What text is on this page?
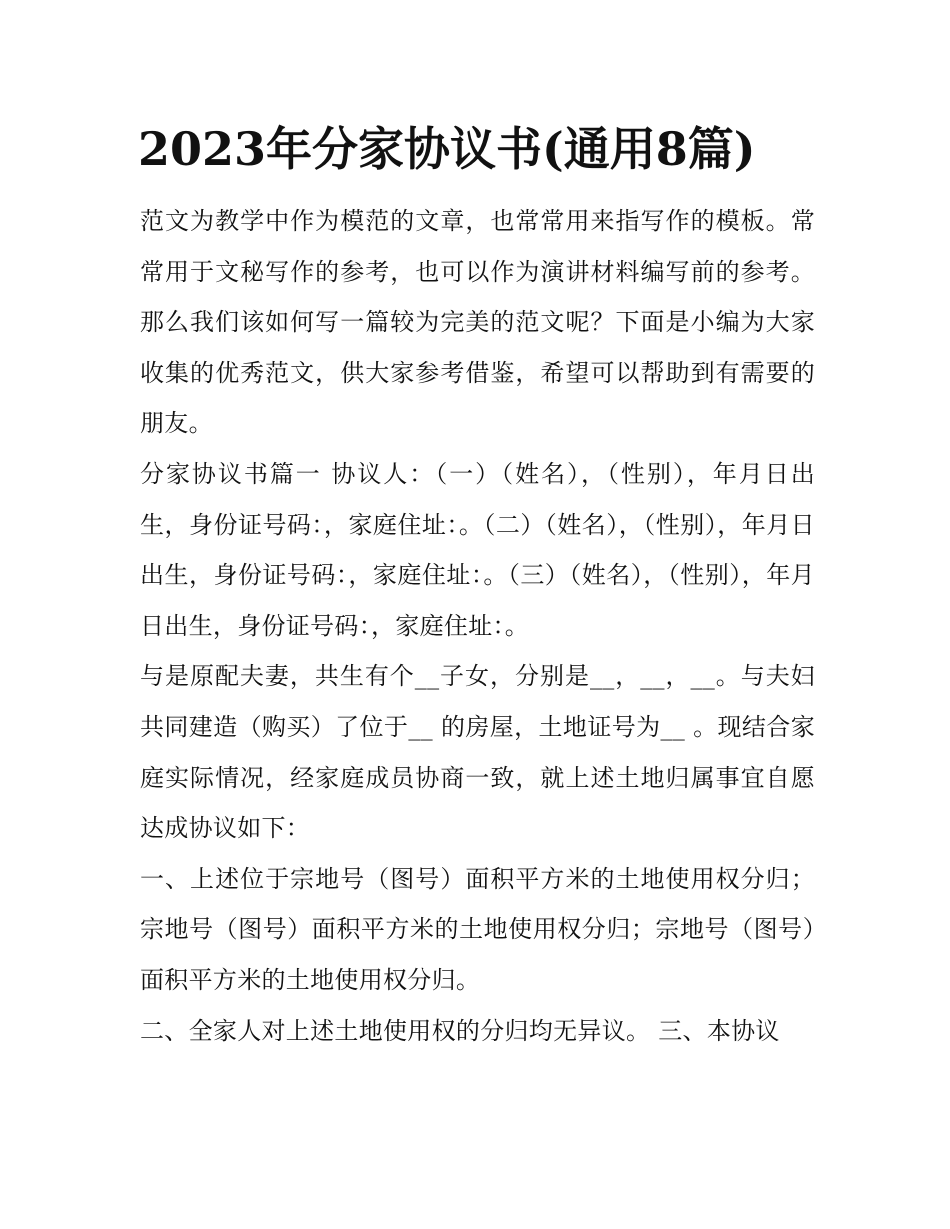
2023年分家协议书(通用8篇)

范文为教学中作为模范的文章，也常常用来指写作的模板。常常用于文秘写作的参考，也可以作为演讲材料编写前的参考。那么我们该如何写一篇较为完美的范文呢？下面是小编为大家收集的优秀范文，供大家参考借鉴，希望可以帮助到有需要的朋友。

分家协议书篇一 协议人：（一）（姓名），（性别），年月日出生，身份证号码：，家庭住址：。（二）（姓名），（性别），年月日出生，身份证号码：，家庭住址：。（三）（姓名），（性别），年月日出生，身份证号码：，家庭住址：。

与是原配夫妻，共生有个__子女，分别是__，__，__。与夫妇共同建造（购买）了位于__ 的房屋，土地证号为__ 。现结合家庭实际情况，经家庭成员协商一致，就上述土地归属事宜自愿达成协议如下：

一、上述位于宗地号（图号）面积平方米的土地使用权分归；宗地号（图号）面积平方米的土地使用权分归；宗地号（图号）面积平方米的土地使用权分归。

二、全家人对上述土地使用权的分归均无异议。 三、本协议
